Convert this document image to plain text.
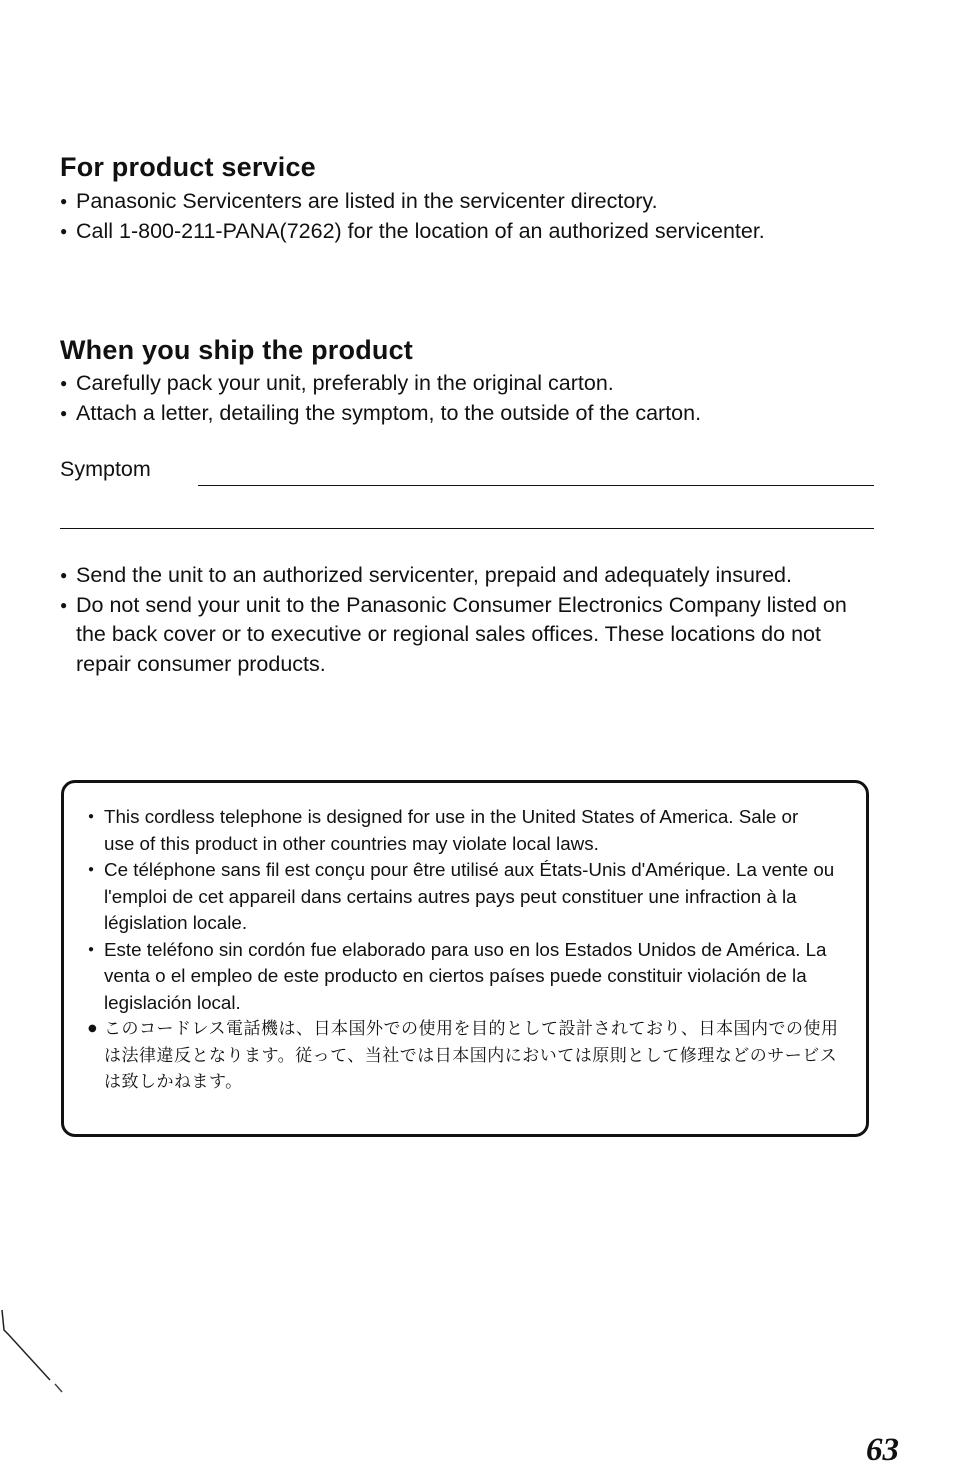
For product service
● Panasonic Servicenters are listed in the servicenter directory.
● Call 1-800-211-PANA(7262) for the location of an authorized servicenter.
When you ship the product
● Carefully pack your unit, preferably in the original carton.
● Attach a letter, detailing the symptom, to the outside of the carton.
Symptom
● Send the unit to an authorized servicenter, prepaid and adequately insured.
● Do not send your unit to the Panasonic Consumer Electronics Company listed on the back cover or to executive or regional sales offices. These locations do not repair consumer products.
● This cordless telephone is designed for use in the United States of America. Sale or use of this product in other countries may violate local laws.
● Ce téléphone sans fil est conçu pour être utilisé aux États-Unis d'Amérique. La vente ou l'emploi de cet appareil dans certains autres pays peut constituer une infraction à la législation locale.
● Este teléfono sin cordón fue elaborado para uso en los Estados Unidos de América. La venta o el empleo de este producto en ciertos países puede constituir violación de la legislación local.
● このコードレス電話機は、日本国外での使用を目的として設計されており、日本国内での使用は法律違反となります。従って、当社では日本国内においては原則として修理などのサービスは致しかねます。
63
